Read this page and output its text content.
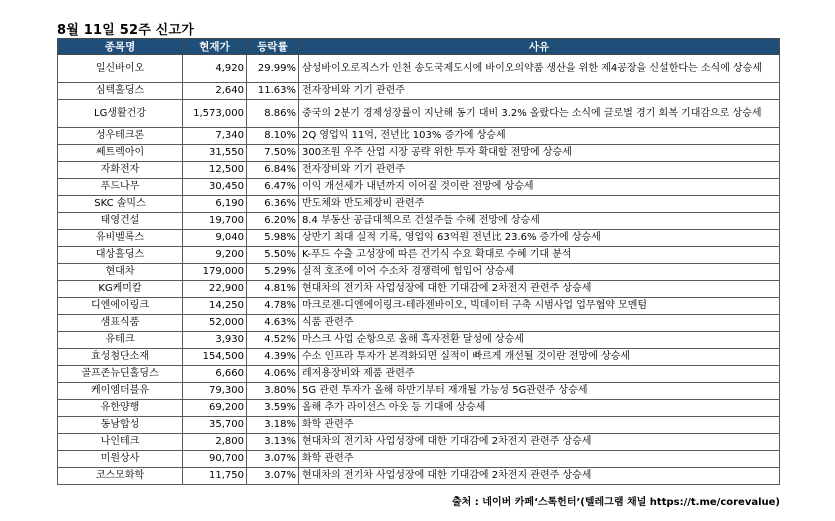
8월 11일 52주 신고가
종목명	현재가	등락률	사유
일신바이오	4,920	29.99%	삼성바이오로직스가 인천 송도국제도시에 바이오의약품 생산을 위한 제4공장을 신설한다는 소식에 상승세
심텍홀딩스	2,640	11.63%	전자장비와 기기 관련주
LG생활건강	1,573,000	8.86%	중국의 2분기 경제성장률이 지난해 동기 대비 3.2% 올랐다는 소식에 글로벌 경기 회복 기대감으로 상승세
성우테크론	7,340	8.10%	2Q 영업익 11억, 전년比 103% 증가에 상승세
쎄트렉아이	31,550	7.50%	300조원 우주 산업 시장 공략 위한 투자 확대할 전망에 상승세
자화전자	12,500	6.84%	전자장비와 기기 관련주
푸드나무	30,450	6.47%	이익 개선세가 내년까지 이어질 것이란 전망에 상승세
SKC 솔믹스	6,190	6.36%	반도체와 반도체장비 관련주
태영건설	19,700	6.20%	8.4 부동산 공급대책으로 건설주들 수혜 전망에 상승세
유비벨록스	9,040	5.98%	상반기 최대 실적 기록, 영업익 63억원 전년比 23.6% 증가에 상승세
대상홀딩스	9,200	5.50%	K-푸드 수출 고성장에 따른 건기식 수요 확대로 수혜 기대 분석
현대차	179,000	5.29%	실적 호조에 이어 수소차 경쟁력에 힘입어 상승세
KG케미칼	22,900	4.81%	현대차의 전기차 사업성장에 대한 기대감에 2차전지 관련주 상승세
디엔에이링크	14,250	4.78%	마크로젠-디엔에이링크-테라젠바이오, 빅데이터 구축 시범사업 업무협약 모멘텀
샘표식품	52,000	4.63%	식품 관련주
유테크	3,930	4.52%	마스크 사업 순항으로 올해 흑자전환 달성에 상승세
효성첨단소재	154,500	4.39%	수소 인프라 투자가 본격화되면 실적이 빠르게 개선될 것이란 전망에 상승세
골프존뉴딘홀딩스	6,660	4.06%	레저용장비와 제품 관련주
케이엠더블유	79,300	3.80%	5G 관련 투자가 올해 하반기부터 재개될 가능성 5G관련주 상승세
유한양행	69,200	3.59%	올해 추가 라이선스 아웃 등 기대에 상승세
동남합성	35,700	3.18%	화학 관련주
나인테크	2,800	3.13%	현대차의 전기차 사업성장에 대한 기대감에 2차전지 관련주 상승세
미원상사	90,700	3.07%	화학 관련주
코스모화학	11,750	3.07%	현대차의 전기차 사업성장에 대한 기대감에 2차전지 관련주 상승세
출처 : 네이버 카페‘스톡헌터’(텔레그램 채널 https://t.me/corevalue)
